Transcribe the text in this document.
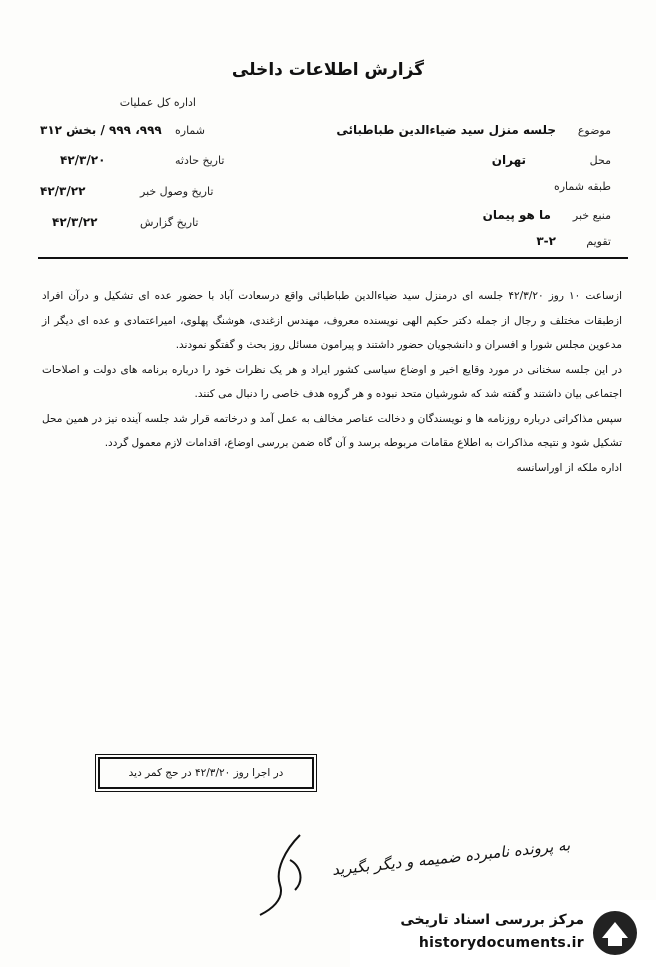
گزارش اطلاعات داخلی
اداره کل عملیات
شماره
۹۹۹، ۹۹۹ / بخش ۳۱۲
تاریخ حادثه
۴۲/۳/۲۰
تاریخ وصول خبر
۴۲/۳/۲۲
تاریخ گزارش
۴۲/۳/۲۲
موضوع
جلسه منزل سید ضیاءالدین طباطبائی
محل
تهران
طبقه شماره
منبع خبر
ما هو پیمان
تقویم
۳-۲

ازساعت ۱۰ روز ۴۲/۳/۲۰ جلسه ای درمنزل سید ضیاءالدین طباطبائی واقع درسعادت آباد با حضور عده ای تشکیل و درآن افراد ازطبقات مختلف و رجال از جمله دکتر حکیم الهی نویسنده معروف، مهندس ازغندی، هوشنگ پهلوی، امیراعتمادی و عده ای دیگر از مدعوین مجلس شورا و افسران و دانشجویان حضور داشتند و پیرامون مسائل روز بحث و گفتگو نمودند.

در این جلسه سخنانی در مورد وقایع اخیر و اوضاع سیاسی کشور ایراد و هر یک نظرات خود را درباره برنامه های دولت و اصلاحات اجتماعی بیان داشتند و گفته شد که شورشیان متحد نبوده و هر گروه هدف خاصی را دنبال می کنند.

سپس مذاکراتی درباره روزنامه ها و نویسندگان و دخالت عناصر مخالف به عمل آمد و درخاتمه قرار شد جلسه آینده نیز در همین محل تشکیل شود و نتیجه مذاکرات به اطلاع مقامات مربوطه برسد و آن گاه ضمن بررسی اوضاع، اقدامات لازم معمول گردد.

اداره ملکه از اوراسانسه

در اجرا روز ۴۲/۳/۲۰ در حج کمر دید
به پرونده نامبرده ضمیمه و دیگر بگیرید
مرکز بررسی اسناد تاریخی
historydocuments.ir
